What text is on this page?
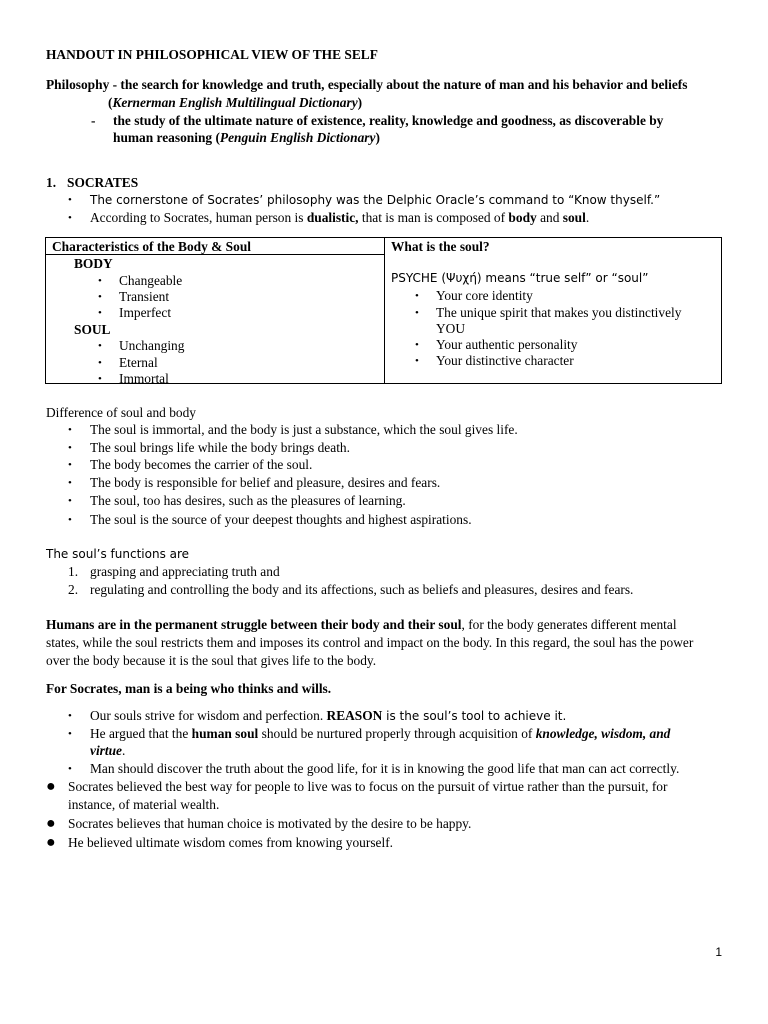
HANDOUT IN PHILOSOPHICAL VIEW OF THE SELF
Philosophy - the search for knowledge and truth, especially about the nature of man and his behavior and beliefs
(Kernerman English Multilingual Dictionary)
- the study of the ultimate nature of existence, reality, knowledge and goodness, as discoverable by
human reasoning (Penguin English Dictionary)
1. SOCRATES
• The cornerstone of Socrates’ philosophy was the Delphic Oracle’s command to “Know thyself.”
• According to Socrates, human person is dualistic, that is man is composed of body and soul.
Characteristics of the Body & Soul
BODY
• Changeable
• Transient
• Imperfect
SOUL
• Unchanging
• Eternal
• Immortal
What is the soul?
PSYCHE (Ψυχή) means “true self” or “soul”
• Your core identity
• The unique spirit that makes you distinctively
YOU
• Your authentic personality
• Your distinctive character
Difference of soul and body
• The soul is immortal, and the body is just a substance, which the soul gives life.
• The soul brings life while the body brings death.
• The body becomes the carrier of the soul.
• The body is responsible for belief and pleasure, desires and fears.
• The soul, too has desires, such as the pleasures of learning.
• The soul is the source of your deepest thoughts and highest aspirations.
The soul’s functions are
1. grasping and appreciating truth and
2. regulating and controlling the body and its affections, such as beliefs and pleasures, desires and fears.
Humans are in the permanent struggle between their body and their soul, for the body generates different mental
states, while the soul restricts them and imposes its control and impact on the body. In this regard, the soul has the power
over the body because it is the soul that gives life to the body.
For Socrates, man is a being who thinks and wills.
• Our souls strive for wisdom and perfection. REASON is the soul’s tool to achieve it.
• He argued that the human soul should be nurtured properly through acquisition of knowledge, wisdom, and
virtue.
• Man should discover the truth about the good life, for it is in knowing the good life that man can act correctly.
● Socrates believed the best way for people to live was to focus on the pursuit of virtue rather than the pursuit, for
instance, of material wealth.
● Socrates believes that human choice is motivated by the desire to be happy.
● He believed ultimate wisdom comes from knowing yourself.
1
